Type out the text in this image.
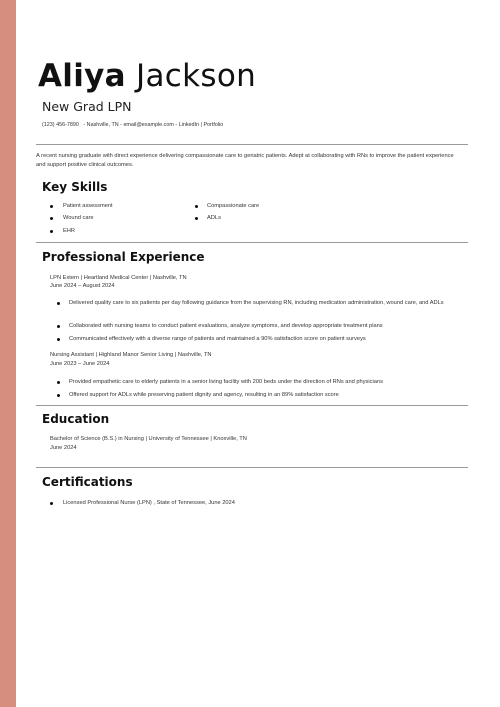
Aliya Jackson
New Grad LPN
(123) 456-7890   - Nashville, TN - email@example.com - LinkedIn | Portfolio
A recent nursing graduate with direct experience delivering compassionate care to geriatric patients. Adept at collaborating with RNs to improve the patient experience and support positive clinical outcomes.
Key Skills
Patient assessment	Compassionate care
Wound care	ADLs
EHR
Professional Experience
LPN Extern | Heartland Medical Center | Nashville, TN
June 2024 – August 2024
Delivered quality care to six patients per day following guidance from the supervising RN, including medication administration, wound care, and ADLs
Collaborated with nursing teams to conduct patient evaluations, analyze symptoms, and develop appropriate treatment plans
Communicated effectively with a diverse range of patients and maintained a 90% satisfaction score on patient surveys
Nursing Assistant | Highland Manor Senior Living | Nashville, TN
June 2023 – June 2024
Provided empathetic care to elderly patients in a senior living facility with 200 beds under the direction of RNs and physicians
Offered support for ADLs while preserving patient dignity and agency, resulting in an 89% satisfaction score
Education
Bachelor of Science (B.S.) in Nursing | University of Tennessee | Knoxville, TN
June 2024
Certifications
Licensed Professional Nurse (LPN) , State of Tennessee, June 2024
